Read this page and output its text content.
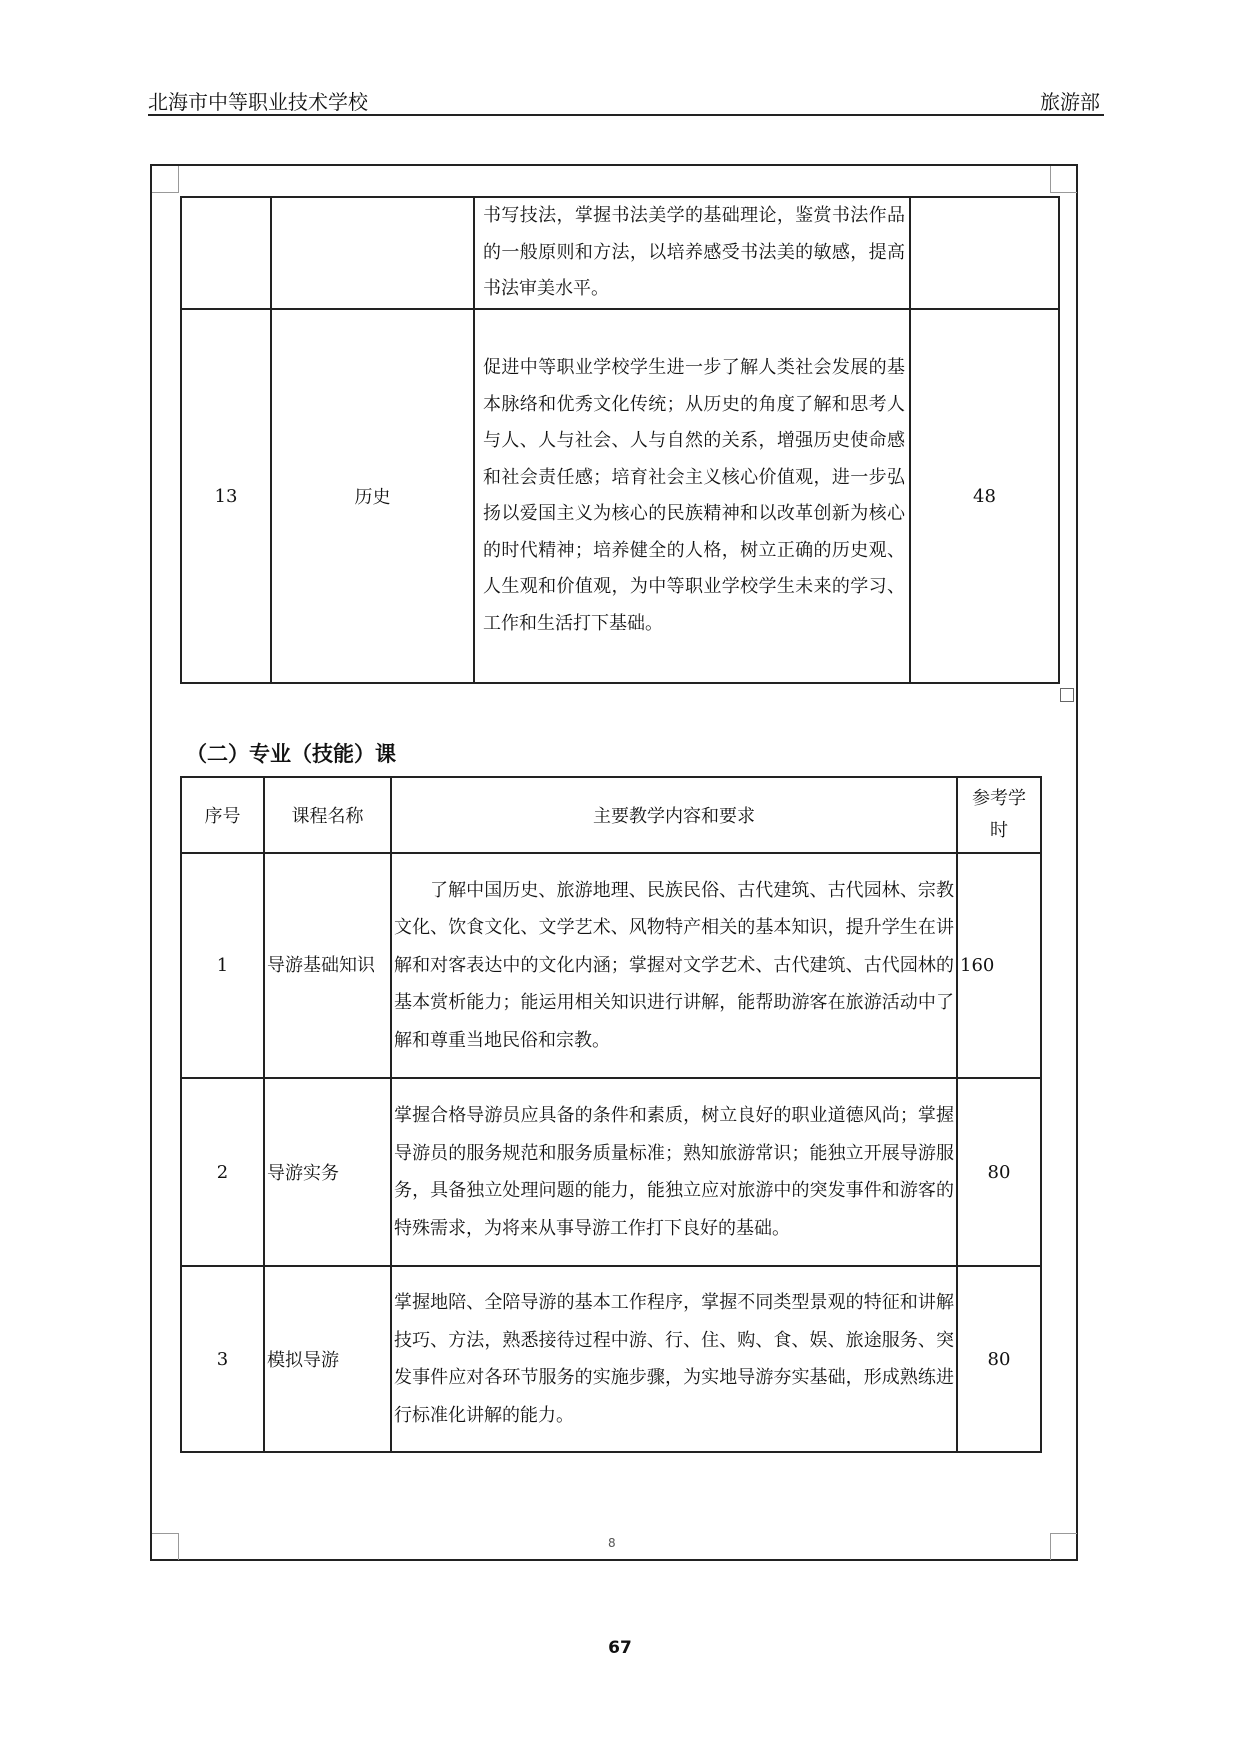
北海市中等职业技术学校	旅游部
		书写技法，掌握书法美学的基础理论，鉴赏书法作品的一般原则和方法，以培养感受书法美的敏感，提高书法审美水平。	
13	历史	促进中等职业学校学生进一步了解人类社会发展的基本脉络和优秀文化传统；从历史的角度了解和思考人与人、人与社会、人与自然的关系，增强历史使命感和社会责任感；培育社会主义核心价值观，进一步弘扬以爱国主义为核心的民族精神和以改革创新为核心的时代精神；培养健全的人格，树立正确的历史观、人生观和价值观，为中等职业学校学生未来的学习、工作和生活打下基础。	48
（二）专业（技能）课
序号	课程名称	主要教学内容和要求	参考学时
1	导游基础知识	了解中国历史、旅游地理、民族民俗、古代建筑、古代园林、宗教文化、饮食文化、文学艺术、风物特产相关的基本知识，提升学生在讲解和对客表达中的文化内涵；掌握对文学艺术、古代建筑、古代园林的基本赏析能力；能运用相关知识进行讲解，能帮助游客在旅游活动中了解和尊重当地民俗和宗教。	160
2	导游实务	掌握合格导游员应具备的条件和素质，树立良好的职业道德风尚；掌握导游员的服务规范和服务质量标准；熟知旅游常识；能独立开展导游服务，具备独立处理问题的能力，能独立应对旅游中的突发事件和游客的特殊需求，为将来从事导游工作打下良好的基础。	80
3	模拟导游	掌握地陪、全陪导游的基本工作程序，掌握不同类型景观的特征和讲解技巧、方法，熟悉接待过程中游、行、住、购、食、娱、旅途服务、突发事件应对各环节服务的实施步骤，为实地导游夯实基础，形成熟练进行标准化讲解的能力。	80
8
67
